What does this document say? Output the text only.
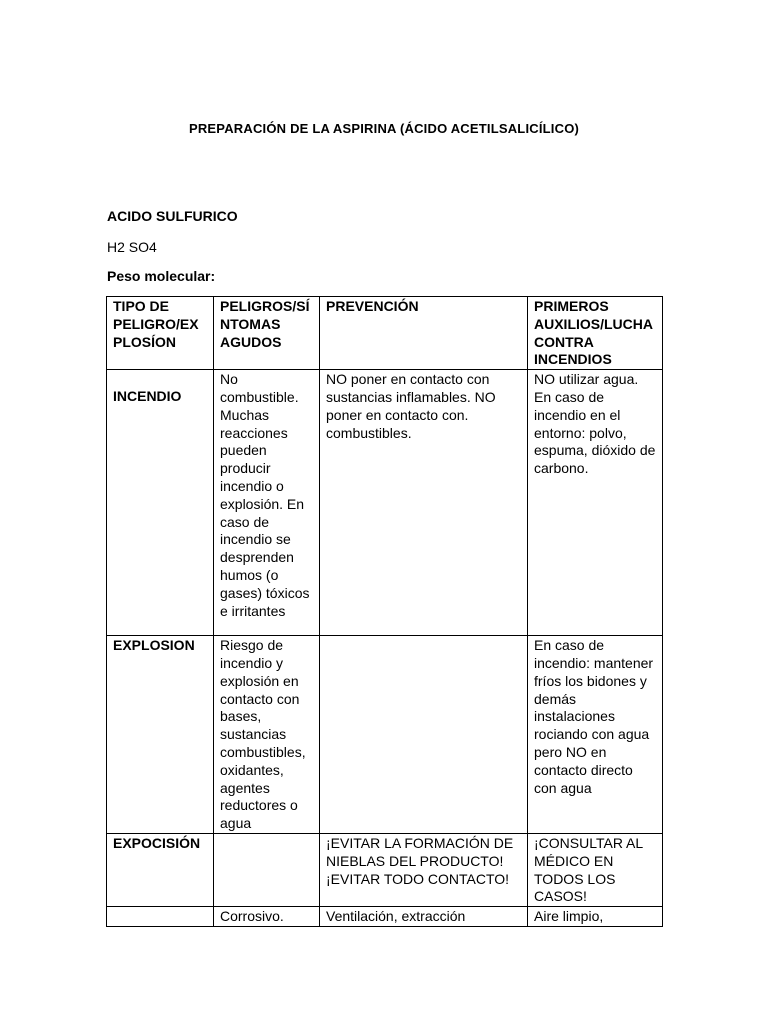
PREPARACIÓN DE LA ASPIRINA (ÁCIDO ACETILSALICÍLICO)
ACIDO SULFURICO
H2 SO4
Peso molecular:
TIPO DE PELIGRO/EXPLOSÍON	PELIGROS/SÍNTOMAS AGUDOS	PREVENCIÓN	PRIMEROS AUXILIOS/LUCHA CONTRA INCENDIOS
INCENDIO	No combustible. Muchas reacciones pueden producir incendio o explosión. En caso de incendio se desprenden humos (o gases) tóxicos e irritantes	NO poner en contacto con sustancias inflamables. NO poner en contacto con. combustibles.	NO utilizar agua. En caso de incendio en el entorno: polvo, espuma, dióxido de carbono.
EXPLOSION	Riesgo de incendio y explosión en contacto con bases, sustancias combustibles, oxidantes, agentes reductores o agua		En caso de incendio: mantener fríos los bidones y demás instalaciones rociando con agua pero NO en contacto directo con agua
EXPOCISIÓN		¡EVITAR LA FORMACIÓN DE NIEBLAS DEL PRODUCTO! ¡EVITAR TODO CONTACTO!	¡CONSULTAR AL MÉDICO EN TODOS LOS CASOS!
	Corrosivo.	Ventilación, extracción	Aire limpio,
